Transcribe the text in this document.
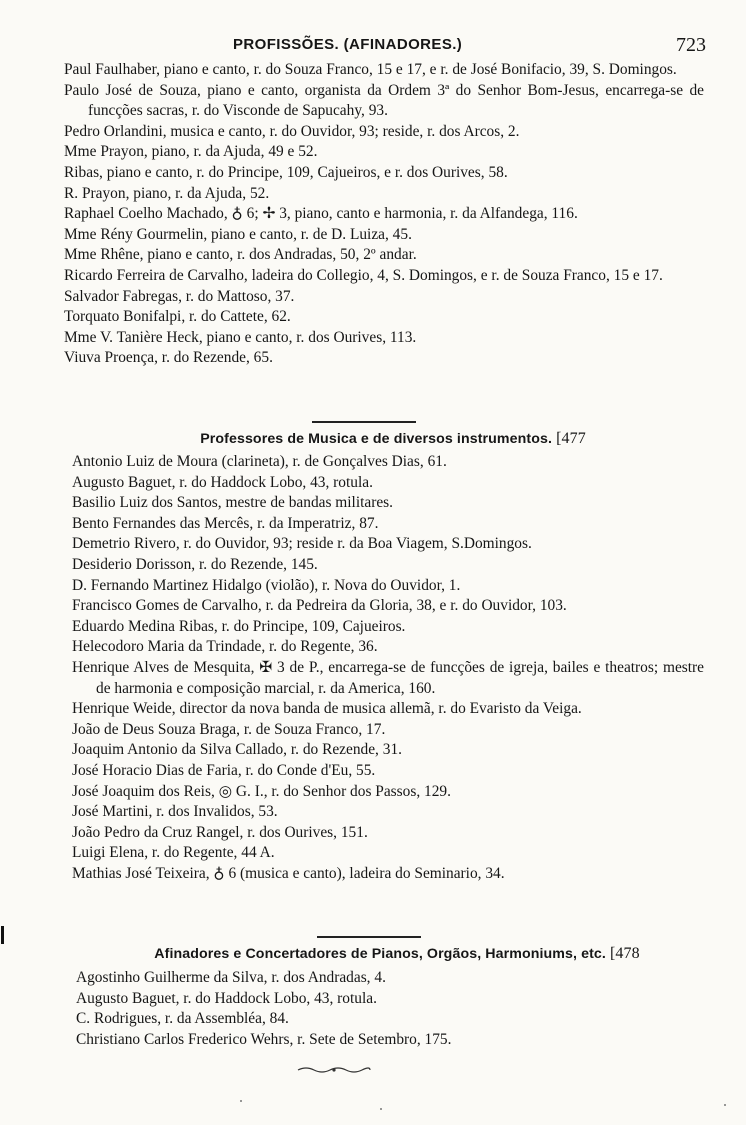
PROFISSÕES. (AFINADORES.)	723
Paul Faulhaber, piano e canto, r. do Souza Franco, 15 e 17, e r. de José Bonifacio, 39, S. Domingos.
Paulo José de Souza, piano e canto, organista da Ordem 3ª do Senhor Bom-Jesus, encarrega-se de funcções sacras, r. do Visconde de Sapucahy, 93.
Pedro Orlandini, musica e canto, r. do Ouvidor, 93; reside, r. dos Arcos, 2.
Mme Prayon, piano, r. da Ajuda, 49 e 52.
Ribas, piano e canto, r. do Principe, 109, Cajueiros, e r. dos Ourives, 58.
R. Prayon, piano, r. da Ajuda, 52.
Raphael Coelho Machado, ♁ 6; ✢ 3, piano, canto e harmonia, r. da Alfandega, 116.
Mme Rény Gourmelin, piano e canto, r. de D. Luiza, 45.
Mme Rhêne, piano e canto, r. dos Andradas, 50, 2º andar.
Ricardo Ferreira de Carvalho, ladeira do Collegio, 4, S. Domingos, e r. de Souza Franco, 15 e 17.
Salvador Fabregas, r. do Mattoso, 37.
Torquato Bonifalpi, r. do Cattete, 62.
Mme V. Tanière Heck, piano e canto, r. dos Ourives, 113.
Viuva Proença, r. do Rezende, 65.
Professores de Musica e de diversos instrumentos. [477
Antonio Luiz de Moura (clarineta), r. de Gonçalves Dias, 61.
Augusto Baguet, r. do Haddock Lobo, 43, rotula.
Basilio Luiz dos Santos, mestre de bandas militares.
Bento Fernandes das Mercês, r. da Imperatriz, 87.
Demetrio Rivero, r. do Ouvidor, 93; reside r. da Boa Viagem, S.Domingos.
Desiderio Dorisson, r. do Rezende, 145.
D. Fernando Martinez Hidalgo (violão), r. Nova do Ouvidor, 1.
Francisco Gomes de Carvalho, r. da Pedreira da Gloria, 38, e r. do Ouvidor, 103.
Eduardo Medina Ribas, r. do Principe, 109, Cajueiros.
Helecodoro Maria da Trindade, r. do Regente, 36.
Henrique Alves de Mesquita, ✠ 3 de P., encarrega-se de funcções de igreja, bailes e theatros; mestre de harmonia e composição marcial, r. da America, 160.
Henrique Weide, director da nova banda de musica allemã, r. do Evaristo da Veiga.
João de Deus Souza Braga, r. de Souza Franco, 17.
Joaquim Antonio da Silva Callado, r. do Rezende, 31.
José Horacio Dias de Faria, r. do Conde d'Eu, 55.
José Joaquim dos Reis, ◎ G. I., r. do Senhor dos Passos, 129.
José Martini, r. dos Invalidos, 53.
João Pedro da Cruz Rangel, r. dos Ourives, 151.
Luigi Elena, r. do Regente, 44 A.
Mathias José Teixeira, ♁ 6 (musica e canto), ladeira do Seminario, 34.
Afinadores e Concertadores de Pianos, Orgãos, Harmoniums, etc. [478
Agostinho Guilherme da Silva, r. dos Andradas, 4.
Augusto Baguet, r. do Haddock Lobo, 43, rotula.
C. Rodrigues, r. da Assembléa, 84.
Christiano Carlos Frederico Wehrs, r. Sete de Setembro, 175.
